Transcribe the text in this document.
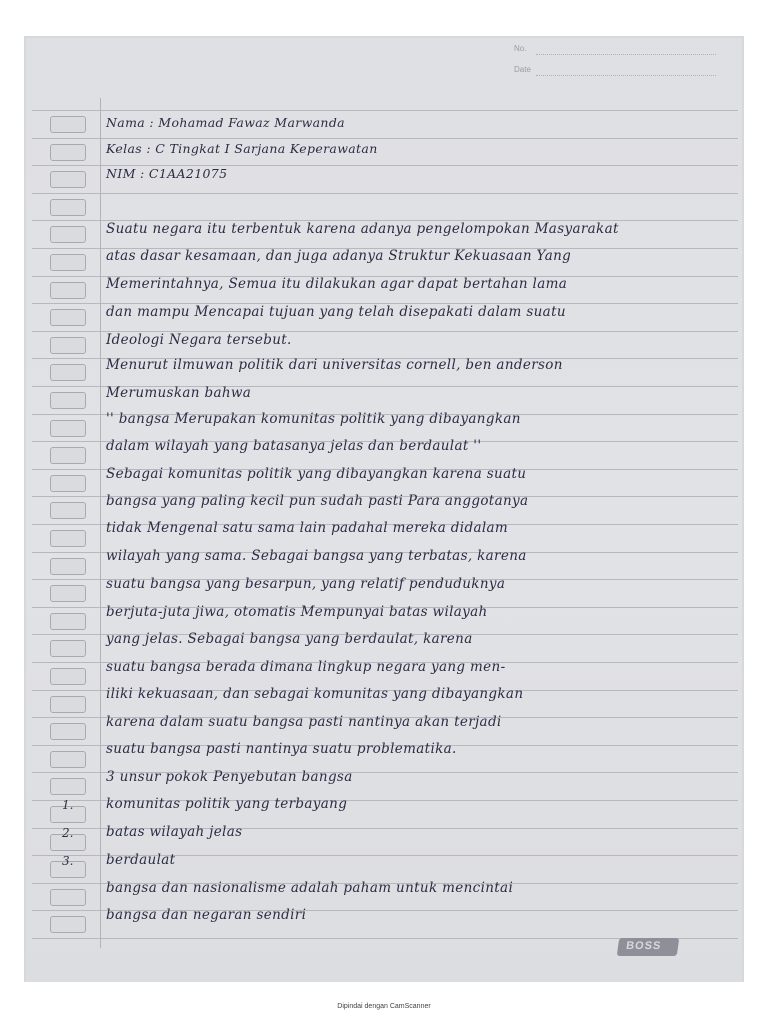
No.
Date
1.
2.
3.
Nama : Mohamad Fawaz Marwanda
Kelas : C Tingkat I Sarjana Keperawatan
NIM : C1AA21075
Suatu negara itu terbentuk karena adanya pengelompokan Masyarakat
atas dasar kesamaan, dan juga adanya Struktur Kekuasaan Yang
Memerintahnya, Semua itu dilakukan agar dapat bertahan lama
dan mampu Mencapai tujuan yang telah disepakati dalam suatu
Ideologi Negara tersebut.
Menurut ilmuwan politik dari universitas cornell, ben anderson
Merumuskan bahwa
'' bangsa Merupakan komunitas politik yang dibayangkan
dalam wilayah yang batasanya jelas dan berdaulat ''
Sebagai komunitas politik yang dibayangkan karena suatu
bangsa yang paling kecil pun sudah pasti Para anggotanya
tidak Mengenal satu sama lain padahal mereka didalam
wilayah yang sama. Sebagai bangsa yang terbatas, karena
suatu bangsa yang besarpun, yang relatif penduduknya
berjuta-juta jiwa, otomatis Mempunyai batas wilayah
yang jelas. Sebagai bangsa yang berdaulat, karena
suatu bangsa berada dimana lingkup negara yang men-
iliki kekuasaan, dan sebagai komunitas yang dibayangkan
karena dalam suatu bangsa pasti nantinya akan terjadi
suatu bangsa pasti nantinya suatu problematika.
3 unsur pokok Penyebutan bangsa
komunitas politik yang terbayang
batas wilayah jelas
berdaulat
bangsa dan nasionalisme adalah paham untuk mencintai
bangsa dan negaran sendiri
BOSS
Dipindai dengan CamScanner
